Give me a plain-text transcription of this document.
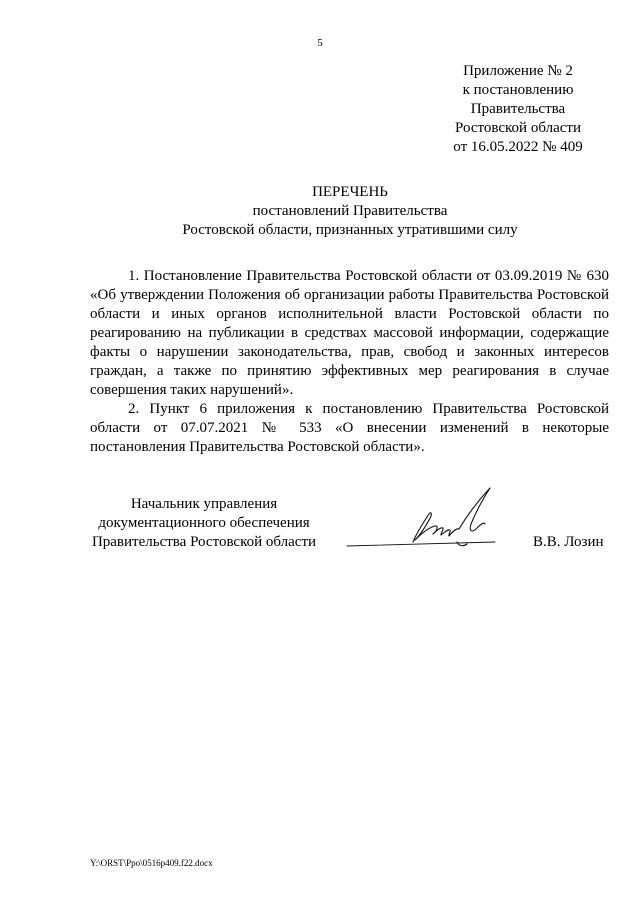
5
Приложение № 2
к постановлению
Правительства
Ростовской области
от 16.05.2022 № 409
ПЕРЕЧЕНЬ
постановлений Правительства
Ростовской области, признанных утратившими силу

1. Постановление Правительства Ростовской области от 03.09.2019 № 630 «Об утверждении Положения об организации работы Правительства Ростовской области и иных органов исполнительной власти Ростовской области по реагированию на публикации в средствах массовой информации, содержащие факты о нарушении законодательства, прав, свобод и законных интересов граждан, а также по принятию эффективных мер реагирования в случае совершения таких нарушений».

2. Пункт 6 приложения к постановлению Правительства Ростовской области от 07.07.2021 № 533 «О внесении изменений в некоторые постановления Правительства Ростовской области».

Начальник управления
документационного обеспечения
Правительства Ростовской области	В.В. Лозин
Y:\ORST\Ppo\0516p409.f22.docx
